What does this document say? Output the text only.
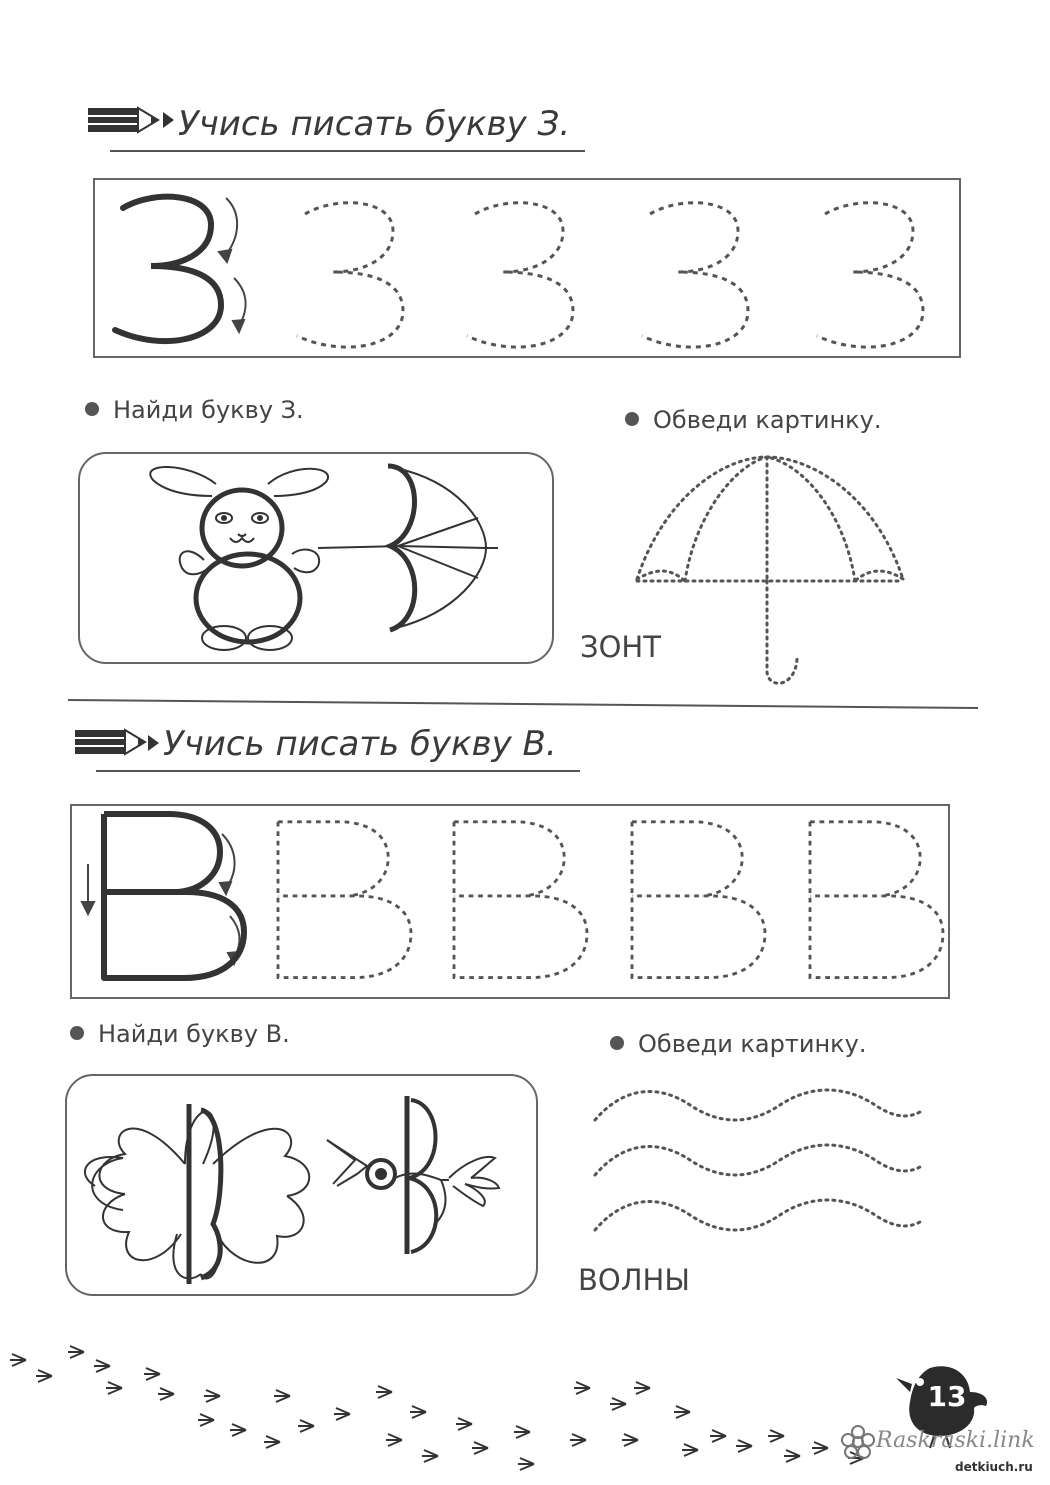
Учись писать букву З.
Найди букву З.	Обведи картинку.
ЗОНТ
Учись писать букву В.
Найди букву В.	Обведи картинку.
ВОЛНЫ
13
Raskraski.link
detkiuch.ru
